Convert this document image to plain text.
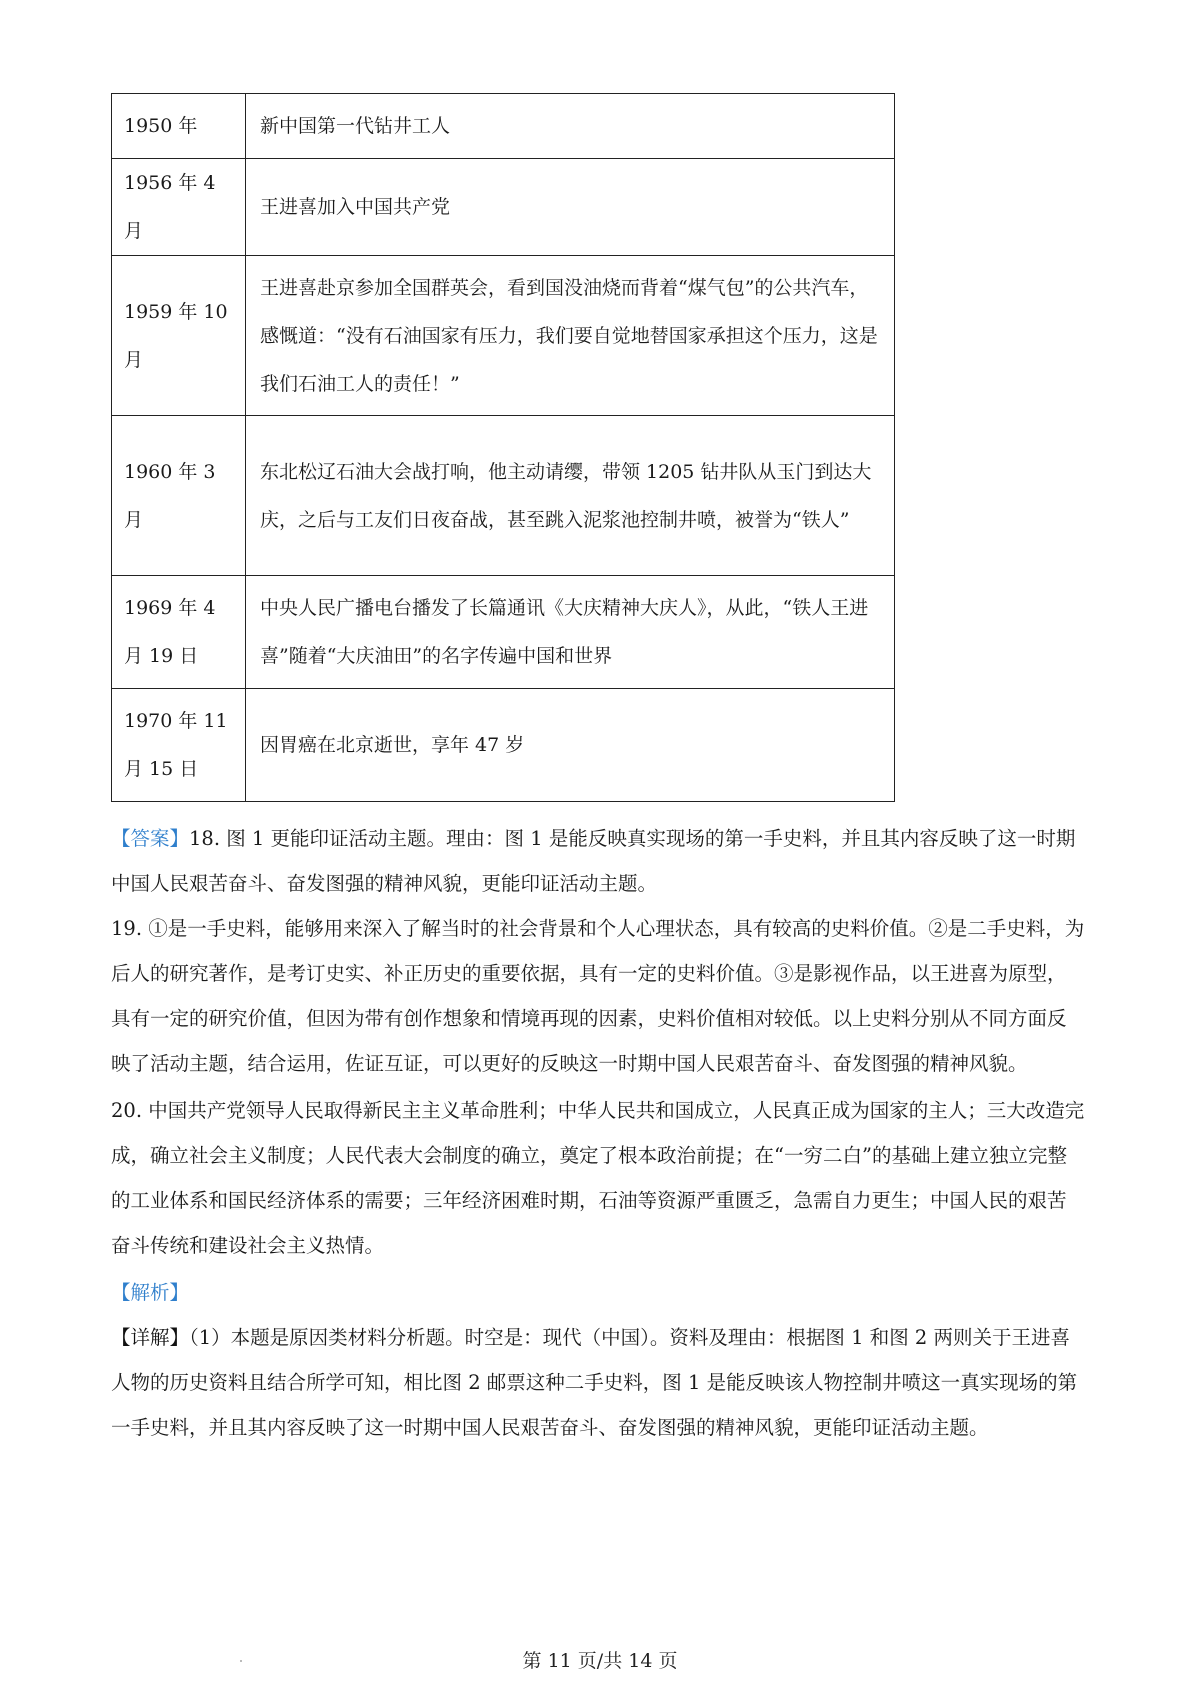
1950 年	新中国第一代钻井工人
1956 年 4 月	王进喜加入中国共产党
1959 年 10 月	王进喜赴京参加全国群英会，看到国没油烧而背着“煤气包”的公共汽车，感慨道：“没有石油国家有压力，我们要自觉地替国家承担这个压力，这是我们石油工人的责任！”
1960 年 3 月	东北松辽石油大会战打响，他主动请缨，带领 1205 钻井队从玉门到达大庆，之后与工友们日夜奋战，甚至跳入泥浆池控制井喷，被誉为“铁人”
1969 年 4 月 19 日	中央人民广播电台播发了长篇通讯《大庆精神大庆人》，从此，“铁人王进喜”随着“大庆油田”的名字传遍中国和世界
1970 年 11 月 15 日	因胃癌在北京逝世，享年 47 岁

【答案】18. 图 1 更能印证活动主题。理由：图 1 是能反映真实现场的第一手史料，并且其内容反映了这一时期中国人民艰苦奋斗、奋发图强的精神风貌，更能印证活动主题。

19. ①是一手史料，能够用来深入了解当时的社会背景和个人心理状态，具有较高的史料价值。②是二手史料，为后人的研究著作，是考订史实、补正历史的重要依据，具有一定的史料价值。③是影视作品，以王进喜为原型，具有一定的研究价值，但因为带有创作想象和情境再现的因素，史料价值相对较低。以上史料分别从不同方面反映了活动主题，结合运用，佐证互证，可以更好的反映这一时期中国人民艰苦奋斗、奋发图强的精神风貌。

20. 中国共产党领导人民取得新民主主义革命胜利；中华人民共和国成立，人民真正成为国家的主人；三大改造完成，确立社会主义制度；人民代表大会制度的确立，奠定了根本政治前提；在“一穷二白”的基础上建立独立完整的工业体系和国民经济体系的需要；三年经济困难时期，石油等资源严重匮乏，急需自力更生；中国人民的艰苦奋斗传统和建设社会主义热情。

【解析】

【详解】（1）本题是原因类材料分析题。时空是：现代（中国）。资料及理由：根据图 1 和图 2 两则关于王进喜人物的历史资料且结合所学可知，相比图 2 邮票这种二手史料，图 1 是能反映该人物控制井喷这一真实现场的第一手史料，并且其内容反映了这一时期中国人民艰苦奋斗、奋发图强的精神风貌，更能印证活动主题。

第 11 页/共 14 页
